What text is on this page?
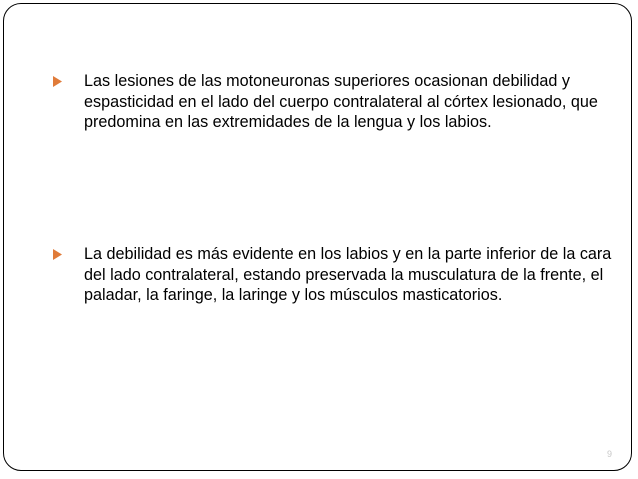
Las lesiones de las motoneuronas superiores ocasionan debilidad y espasticidad en el lado del cuerpo contralateral al córtex lesionado, que predomina en las extremidades de la lengua y los labios.

La debilidad es más evidente en los labios y en la parte inferior de la cara del lado contralateral, estando preservada la musculatura de la frente, el paladar, la faringe, la laringe y los músculos masticatorios.

9
